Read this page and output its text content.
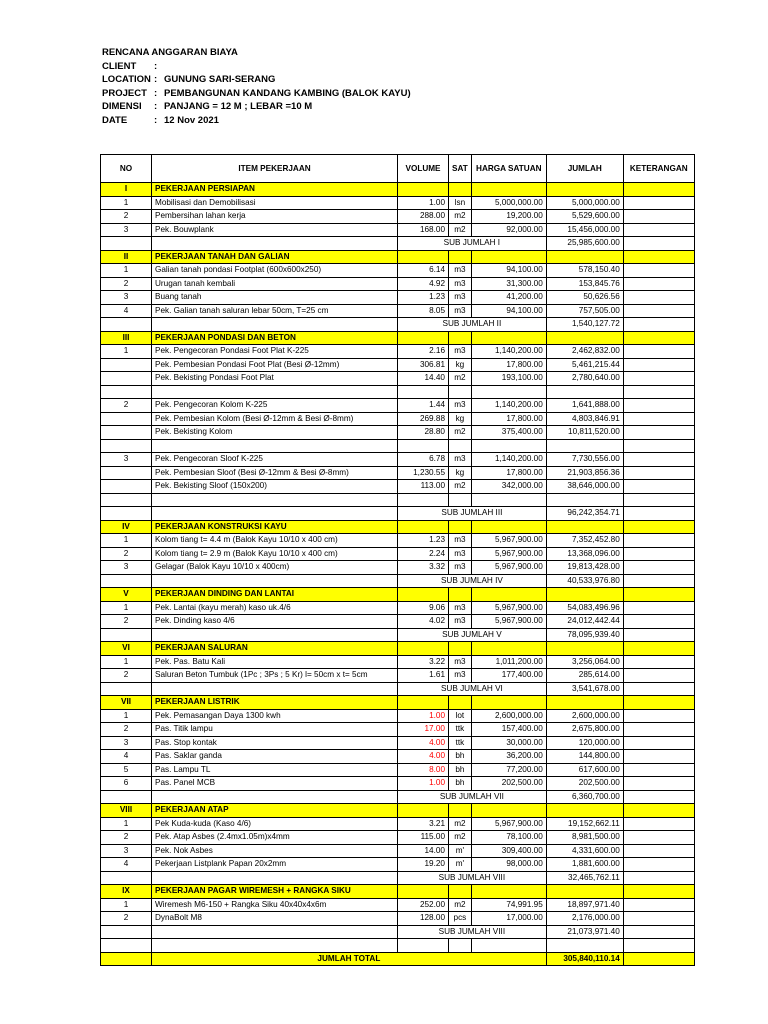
RENCANA ANGGARAN BIAYA
CLIENT :
LOCATION : GUNUNG SARI-SERANG
PROJECT : PEMBANGUNAN KANDANG KAMBING (BALOK KAYU)
DIMENSI : PANJANG = 12 M ; LEBAR =10 M
DATE	: 12 Nov 2021
NO	ITEM PEKERJAAN	VOLUME	SAT	HARGA SATUAN	JUMLAH	KETERANGAN
I	PEKERJAAN PERSIAPAN					
1	Mobilisasi dan Demobilisasi	1.00	lsn	5,000,000.00	5,000,000.00	
2	Pembersihan lahan kerja	288.00	m2	19,200.00	5,529,600.00	
3	Pek. Bouwplank	168.00	m2	92,000.00	15,456,000.00	
		SUB JUMLAH I			25,985,600.00	
II	PEKERJAAN TANAH DAN GALIAN					
1	Galian tanah pondasi Footplat (600x600x250)	6.14	m3	94,100.00	578,150.40	
2	Urugan tanah kembali	4.92	m3	31,300.00	153,845.76	
3	Buang tanah	1.23	m3	41,200.00	50,626.56	
4	Pek. Galian tanah saluran lebar 50cm, T=25 cm	8.05	m3	94,100.00	757,505.00	
		SUB JUMLAH II			1,540,127.72	
III	PEKERJAAN PONDASI DAN BETON					
1	Pek. Pengecoran Pondasi Foot Plat K-225	2.16	m3	1,140,200.00	2,462,832.00	
	Pek. Pembesian Pondasi Foot Plat (Besi Ø-12mm)	306.81	kg	17,800.00	5,461,215.44	
	Pek. Bekisting Pondasi Foot Plat	14.40	m2	193,100.00	2,780,640.00	

2	Pek. Pengecoran Kolom K-225	1.44	m3	1,140,200.00	1,641,888.00	
	Pek. Pembesian Kolom (Besi Ø-12mm & Besi Ø-8mm)	269.88	kg	17,800.00	4,803,846.91	
	Pek. Bekisting Kolom	28.80	m2	375,400.00	10,811,520.00	

3	Pek. Pengecoran Sloof K-225	6.78	m3	1,140,200.00	7,730,556.00	
	Pek. Pembesian Sloof (Besi Ø-12mm & Besi Ø-8mm)	1,230.55	kg	17,800.00	21,903,856.36	
	Pek. Bekisting Sloof (150x200)	113.00	m2	342,000.00	38,646,000.00	

		SUB JUMLAH III			96,242,354.71	
IV	PEKERJAAN KONSTRUKSI KAYU					
1	Kolom tiang t= 4.4 m (Balok Kayu 10/10 x 400 cm)	1.23	m3	5,967,900.00	7,352,452.80	
2	Kolom tiang t= 2.9 m (Balok Kayu 10/10 x 400 cm)	2.24	m3	5,967,900.00	13,368,096.00	
3	Gelagar (Balok Kayu 10/10 x 400cm)	3.32	m3	5,967,900.00	19,813,428.00	
		SUB JUMLAH IV			40,533,976.80	
V	PEKERJAAN DINDING DAN LANTAI					
1	Pek. Lantai (kayu merah) kaso uk.4/6	9.06	m3	5,967,900.00	54,083,496.96	
2	Pek. Dinding kaso 4/6	4.02	m3	5,967,900.00	24,012,442.44	
		SUB JUMLAH V			78,095,939.40	
VI	PEKERJAAN SALURAN					
1	Pek. Pas. Batu Kali	3.22	m3	1,011,200.00	3,256,064.00	
2	Saluran Beton Tumbuk (1Pc ; 3Ps ; 5 Kr) l= 50cm x t= 5cm	1.61	m3	177,400.00	285,614.00	
		SUB JUMLAH VI			3,541,678.00	
VII	PEKERJAAN LISTRIK					
1	Pek. Pemasangan Daya 1300 kwh	1.00	lot	2,600,000.00	2,600,000.00	
2	Pas. Titik lampu	17.00	ttk	157,400.00	2,675,800.00	
3	Pas. Stop kontak	4.00	ttk	30,000.00	120,000.00	
4	Pas. Saklar ganda	4.00	bh	36,200.00	144,800.00	
5	Pas. Lampu TL	8.00	bh	77,200.00	617,600.00	
6	Pas. Panel MCB	1.00	bh	202,500.00	202,500.00	
		SUB JUMLAH VII			6,360,700.00	
VIII	PEKERJAAN ATAP					
1	Pek Kuda-kuda (Kaso 4/6)	3.21	m2	5,967,900.00	19,152,662.11	
2	Pek. Atap Asbes (2.4mx1.05m)x4mm	115.00	m2	78,100.00	8,981,500.00	
3	Pek. Nok Asbes	14.00	m'	309,400.00	4,331,600.00	
4	Pekerjaan Listplank Papan 20x2mm	19.20	m'	98,000.00	1,881,600.00	
		SUB JUMLAH VIII			32,465,762.11	
IX	PEKERJAAN PAGAR WIREMESH + RANGKA SIKU					
1	Wiremesh M6-150 + Rangka Siku 40x40x4x6m	252.00	m2	74,991.95	18,897,971.40	
2	DynaBolt M8	128.00	pcs	17,000.00	2,176,000.00	
		SUB JUMLAH VIII			21,073,971.40	

	JUMLAH TOTAL				305,840,110.14	
